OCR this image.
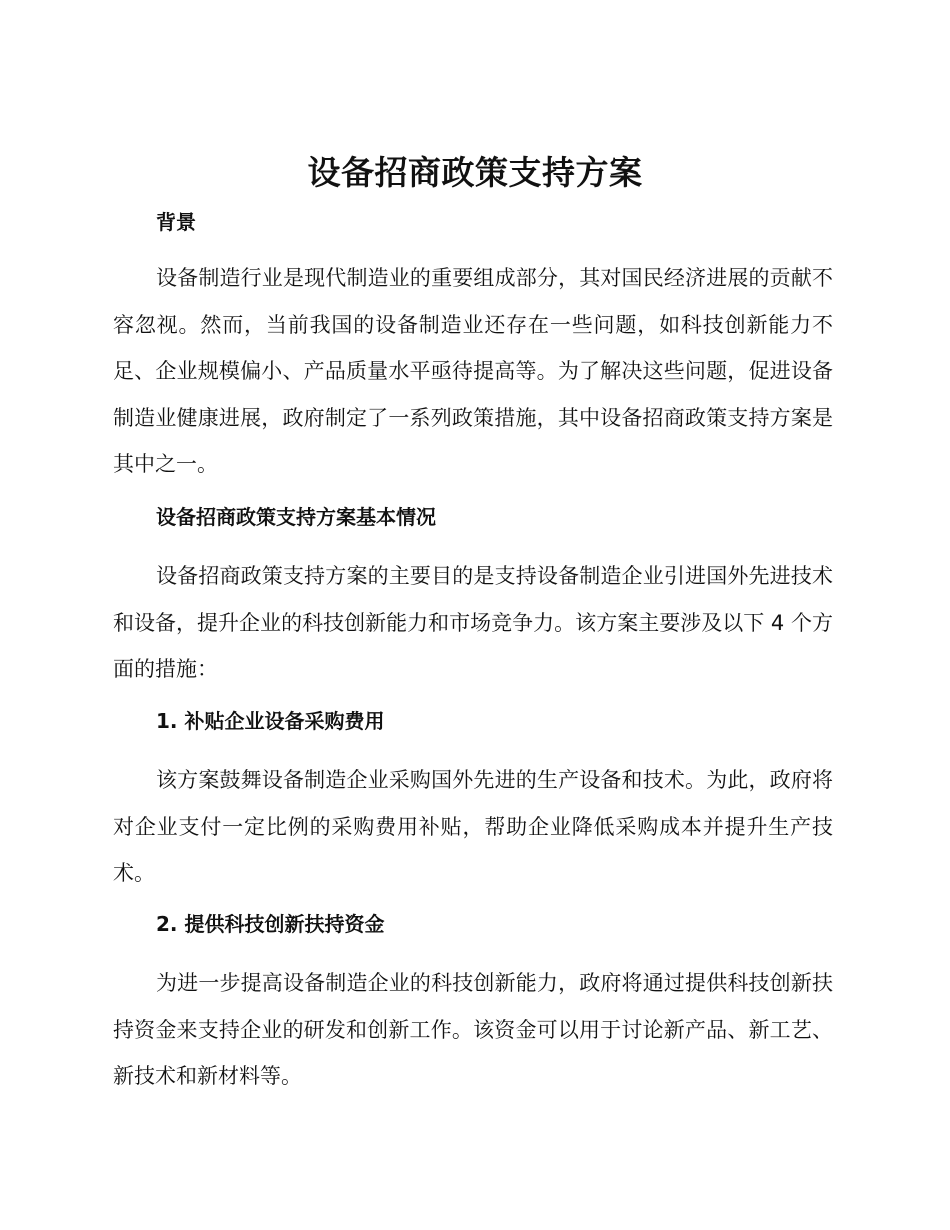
设备招商政策支持方案
背景

设备制造行业是现代制造业的重要组成部分，其对国民经济进展的贡献不容忽视。然而，当前我国的设备制造业还存在一些问题，如科技创新能力不足、企业规模偏小、产品质量水平亟待提高等。为了解决这些问题，促进设备制造业健康进展，政府制定了一系列政策措施，其中设备招商政策支持方案是其中之一。

设备招商政策支持方案基本情况

设备招商政策支持方案的主要目的是支持设备制造企业引进国外先进技术和设备，提升企业的科技创新能力和市场竞争力。该方案主要涉及以下 4 个方面的措施：

1. 补贴企业设备采购费用

该方案鼓舞设备制造企业采购国外先进的生产设备和技术。为此，政府将对企业支付一定比例的采购费用补贴，帮助企业降低采购成本并提升生产技术。

2. 提供科技创新扶持资金

为进一步提高设备制造企业的科技创新能力，政府将通过提供科技创新扶持资金来支持企业的研发和创新工作。该资金可以用于讨论新产品、新工艺、新技术和新材料等。
